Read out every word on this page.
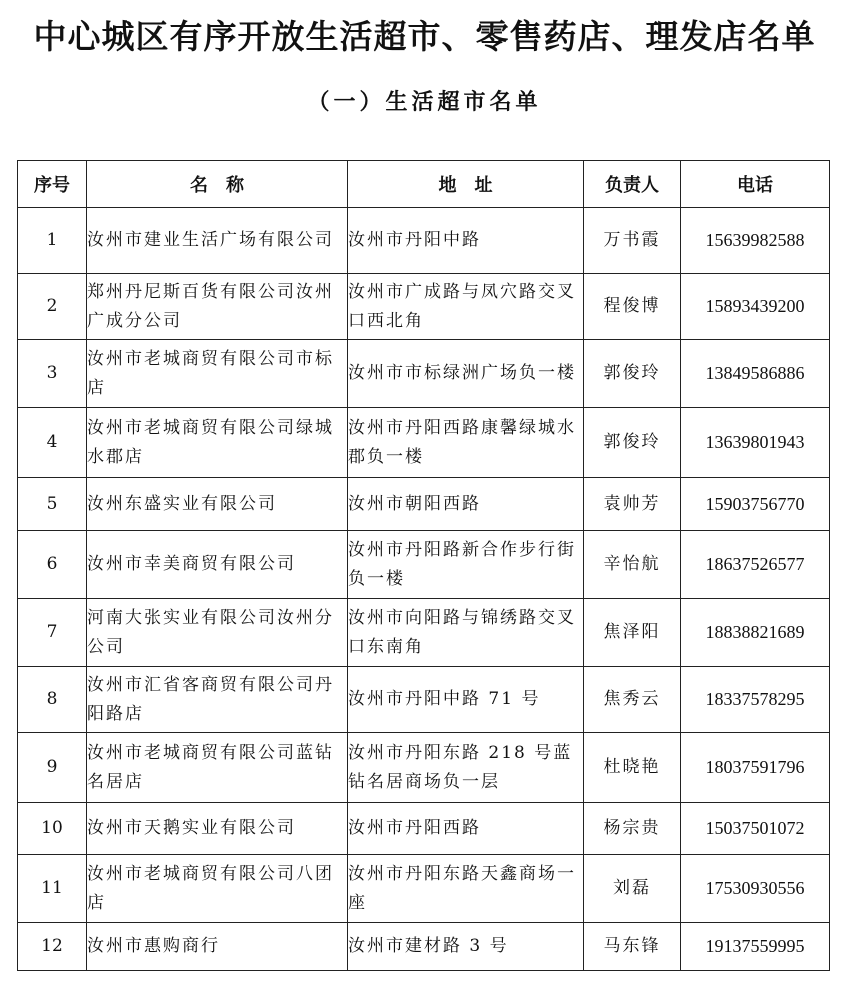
中心城区有序开放生活超市、零售药店、理发店名单
（一）生活超市名单
序号	名　称	地　址	负责人	电话
1	汝州市建业生活广场有限公司	汝州市丹阳中路	万书霞	15639982588
2	郑州丹尼斯百货有限公司汝州广成分公司	汝州市广成路与凤穴路交叉口西北角	程俊博	15893439200
3	汝州市老城商贸有限公司市标店	汝州市市标绿洲广场负一楼	郭俊玲	13849586886
4	汝州市老城商贸有限公司绿城水郡店	汝州市丹阳西路康馨绿城水郡负一楼	郭俊玲	13639801943
5	汝州东盛实业有限公司	汝州市朝阳西路	袁帅芳	15903756770
6	汝州市幸美商贸有限公司	汝州市丹阳路新合作步行街负一楼	辛怡航	18637526577
7	河南大张实业有限公司汝州分公司	汝州市向阳路与锦绣路交叉口东南角	焦泽阳	18838821689
8	汝州市汇省客商贸有限公司丹阳路店	汝州市丹阳中路 71 号	焦秀云	18337578295
9	汝州市老城商贸有限公司蓝钻名居店	汝州市丹阳东路 218 号蓝钻名居商场负一层	杜晓艳	18037591796
10	汝州市天鹅实业有限公司	汝州市丹阳西路	杨宗贵	15037501072
11	汝州市老城商贸有限公司八团店	汝州市丹阳东路天鑫商场一座	刘磊	17530930556
12	汝州市惠购商行	汝州市建材路 3 号	马东锋	19137559995
